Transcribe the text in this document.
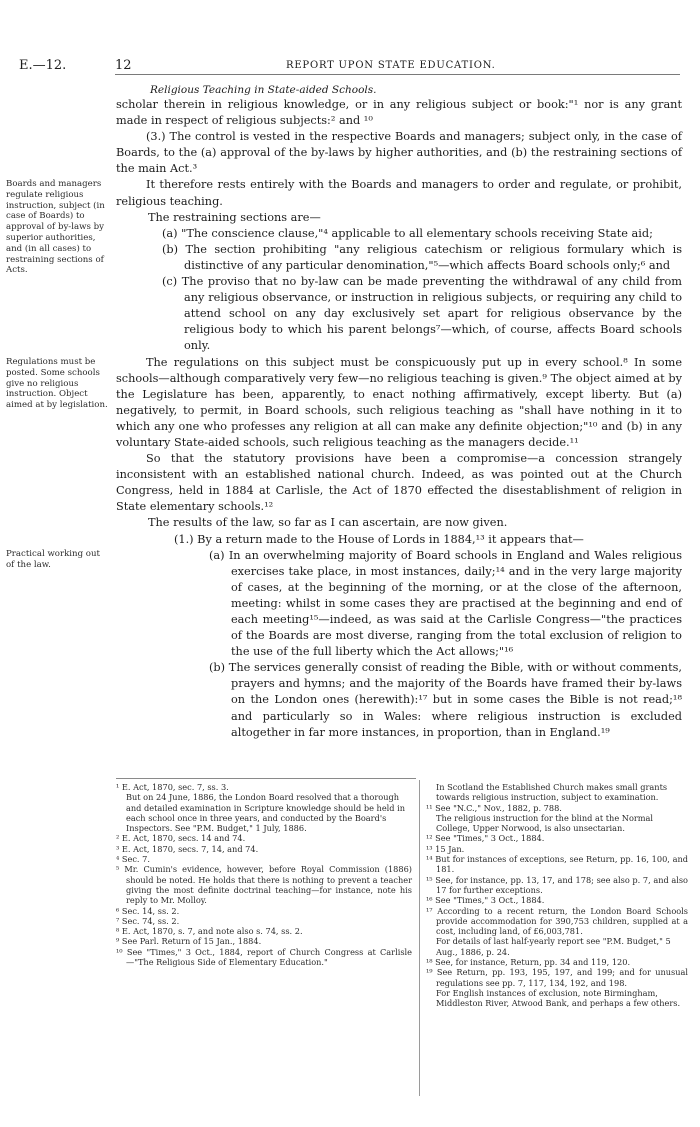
E.—12.	12	REPORT UPON STATE EDUCATION.
Religious Teaching in State-aided Schools.
Boards and managers regulate religious instruction, subject (in case of Boards) to approval of by-laws by superior authorities, and (in all cases) to restraining sections of Acts.
Regulations must be posted. Some schools give no religious instruction. Object aimed at by legislation.
Practical working out of the law.

scholar therein in religious knowledge, or in any religious subject or book:"¹ nor is any grant made in respect of religious subjects:² and ¹⁰

(3.) The control is vested in the respective Boards and managers; subject only, in the case of Boards, to the (a) approval of the by-laws by higher authorities, and (b) the restraining sections of the main Act.³

It therefore rests entirely with the Boards and managers to order and regulate, or prohibit, religious teaching.

The restraining sections are—

(a) "The conscience clause,"⁴ applicable to all elementary schools receiving State aid;

(b) The section prohibiting "any religious catechism or religious formulary which is distinctive of any particular denomination,"⁵—which affects Board schools only;⁶ and

(c) The proviso that no by-law can be made preventing the withdrawal of any child from any religious observance, or instruction in religious subjects, or requiring any child to attend school on any day exclusively set apart for religious observance by the religious body to which his parent belongs⁷—which, of course, affects Board schools only.

The regulations on this subject must be conspicuously put up in every school.⁸ In some schools—although comparatively very few—no religious teaching is given.⁹ The object aimed at by the Legislature has been, apparently, to enact nothing affirmatively, except liberty. But (a) negatively, to permit, in Board schools, such religious teaching as "shall have nothing in it to which any one who professes any religion at all can make any definite objection;"¹⁰ and (b) in any voluntary State-aided schools, such religious teaching as the managers decide.¹¹

So that the statutory provisions have been a compromise—a concession strangely inconsistent with an established national church. Indeed, as was pointed out at the Church Congress, held in 1884 at Carlisle, the Act of 1870 effected the disestablishment of religion in State elementary schools.¹²

The results of the law, so far as I can ascertain, are now given.

(1.) By a return made to the House of Lords in 1884,¹³ it appears that—

(a) In an overwhelming majority of Board schools in England and Wales religious exercises take place, in most instances, daily;¹⁴ and in the very large majority of cases, at the beginning of the morning, or at the close of the afternoon, meeting: whilst in some cases they are practised at the beginning and end of each meeting¹⁵—indeed, as was said at the Carlisle Congress—"the practices of the Boards are most diverse, ranging from the total exclusion of religion to the use of the full liberty which the Act allows;"¹⁶

(b) The services generally consist of reading the Bible, with or without comments, prayers and hymns; and the majority of the Boards have framed their by-laws on the London ones (herewith):¹⁷ but in some cases the Bible is not read;¹⁸ and particularly so in Wales: where religious instruction is excluded altogether in far more instances, in proportion, than in England.¹⁹

¹ E. Act, 1870, sec. 7, ss. 3.

But on 24 June, 1886, the London Board resolved that a thorough and detailed examination in Scripture knowledge should be held in each school once in three years, and conducted by the Board's Inspectors. See "P.M. Budget," 1 July, 1886.

² E. Act, 1870, secs. 14 and 74.

³ E. Act, 1870, secs. 7, 14, and 74.

⁴ Sec. 7.

⁵ Mr. Cumin's evidence, however, before Royal Commission (1886) should be noted. He holds that there is nothing to prevent a teacher giving the most definite doctrinal teaching—for instance, note his reply to Mr. Molloy.

⁶ Sec. 14, ss. 2.

⁷ Sec. 74, ss. 2.

⁸ E. Act, 1870, s. 7, and note also s. 74, ss. 2.

⁹ See Parl. Return of 15 Jan., 1884.

¹⁰ See "Times," 3 Oct., 1884, report of Church Congress at Carlisle—"The Religious Side of Elementary Education."

In Scotland the Established Church makes small grants towards religious instruction, subject to examination.

¹¹ See "N.C.," Nov., 1882, p. 788.

The religious instruction for the blind at the Normal College, Upper Norwood, is also unsectarian.

¹² See "Times," 3 Oct., 1884.

¹³ 15 Jan.

¹⁴ But for instances of exceptions, see Return, pp. 16, 100, and 181.

¹⁵ See, for instance, pp. 13, 17, and 178; see also p. 7, and also 17 for further exceptions.

¹⁶ See "Times," 3 Oct., 1884.

¹⁷ According to a recent return, the London Board Schools provide accommodation for 390,753 children, supplied at a cost, including land, of £6,003,781.

For details of last half-yearly report see "P.M. Budget," 5 Aug., 1886, p. 24.

¹⁸ See, for instance, Return, pp. 34 and 119, 120.

¹⁹ See Return, pp. 193, 195, 197, and 199; and for unusual regulations see pp. 7, 117, 134, 192, and 198.

For English instances of exclusion, note Birmingham, Middleston River, Atwood Bank, and perhaps a few others.
